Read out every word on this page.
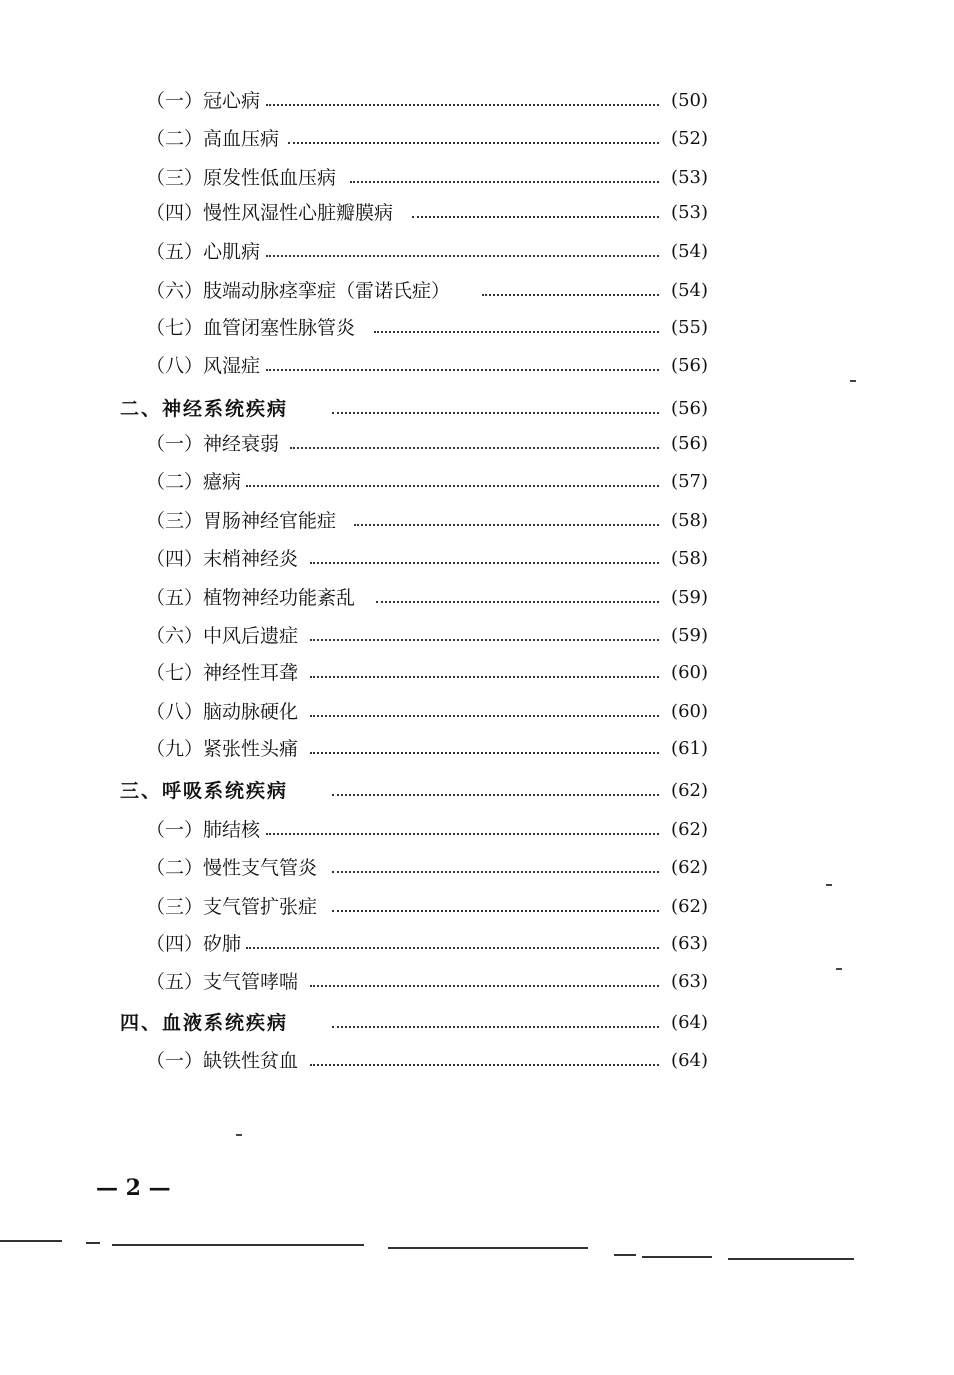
（一）冠心病	(50)
（二）高血压病	(52)
（三）原发性低血压病	(53)
（四）慢性风湿性心脏瓣膜病	(53)
（五）心肌病	(54)
（六）肢端动脉痉挛症（雷诺氏症）	(54)
（七）血管闭塞性脉管炎	(55)
（八）风湿症	(56)
二、神经系统疾病	(56)
（一）神经衰弱	(56)
（二）癔病	(57)
（三）胃肠神经官能症	(58)
（四）末梢神经炎	(58)
（五）植物神经功能紊乱	(59)
（六）中风后遗症	(59)
（七）神经性耳聋	(60)
（八）脑动脉硬化	(60)
（九）紧张性头痛	(61)
三、呼吸系统疾病	(62)
（一）肺结核	(62)
（二）慢性支气管炎	(62)
（三）支气管扩张症	(62)
（四）矽肺	(63)
（五）支气管哮喘	(63)
四、血液系统疾病	(64)
（一）缺铁性贫血	(64)
— 2 —
